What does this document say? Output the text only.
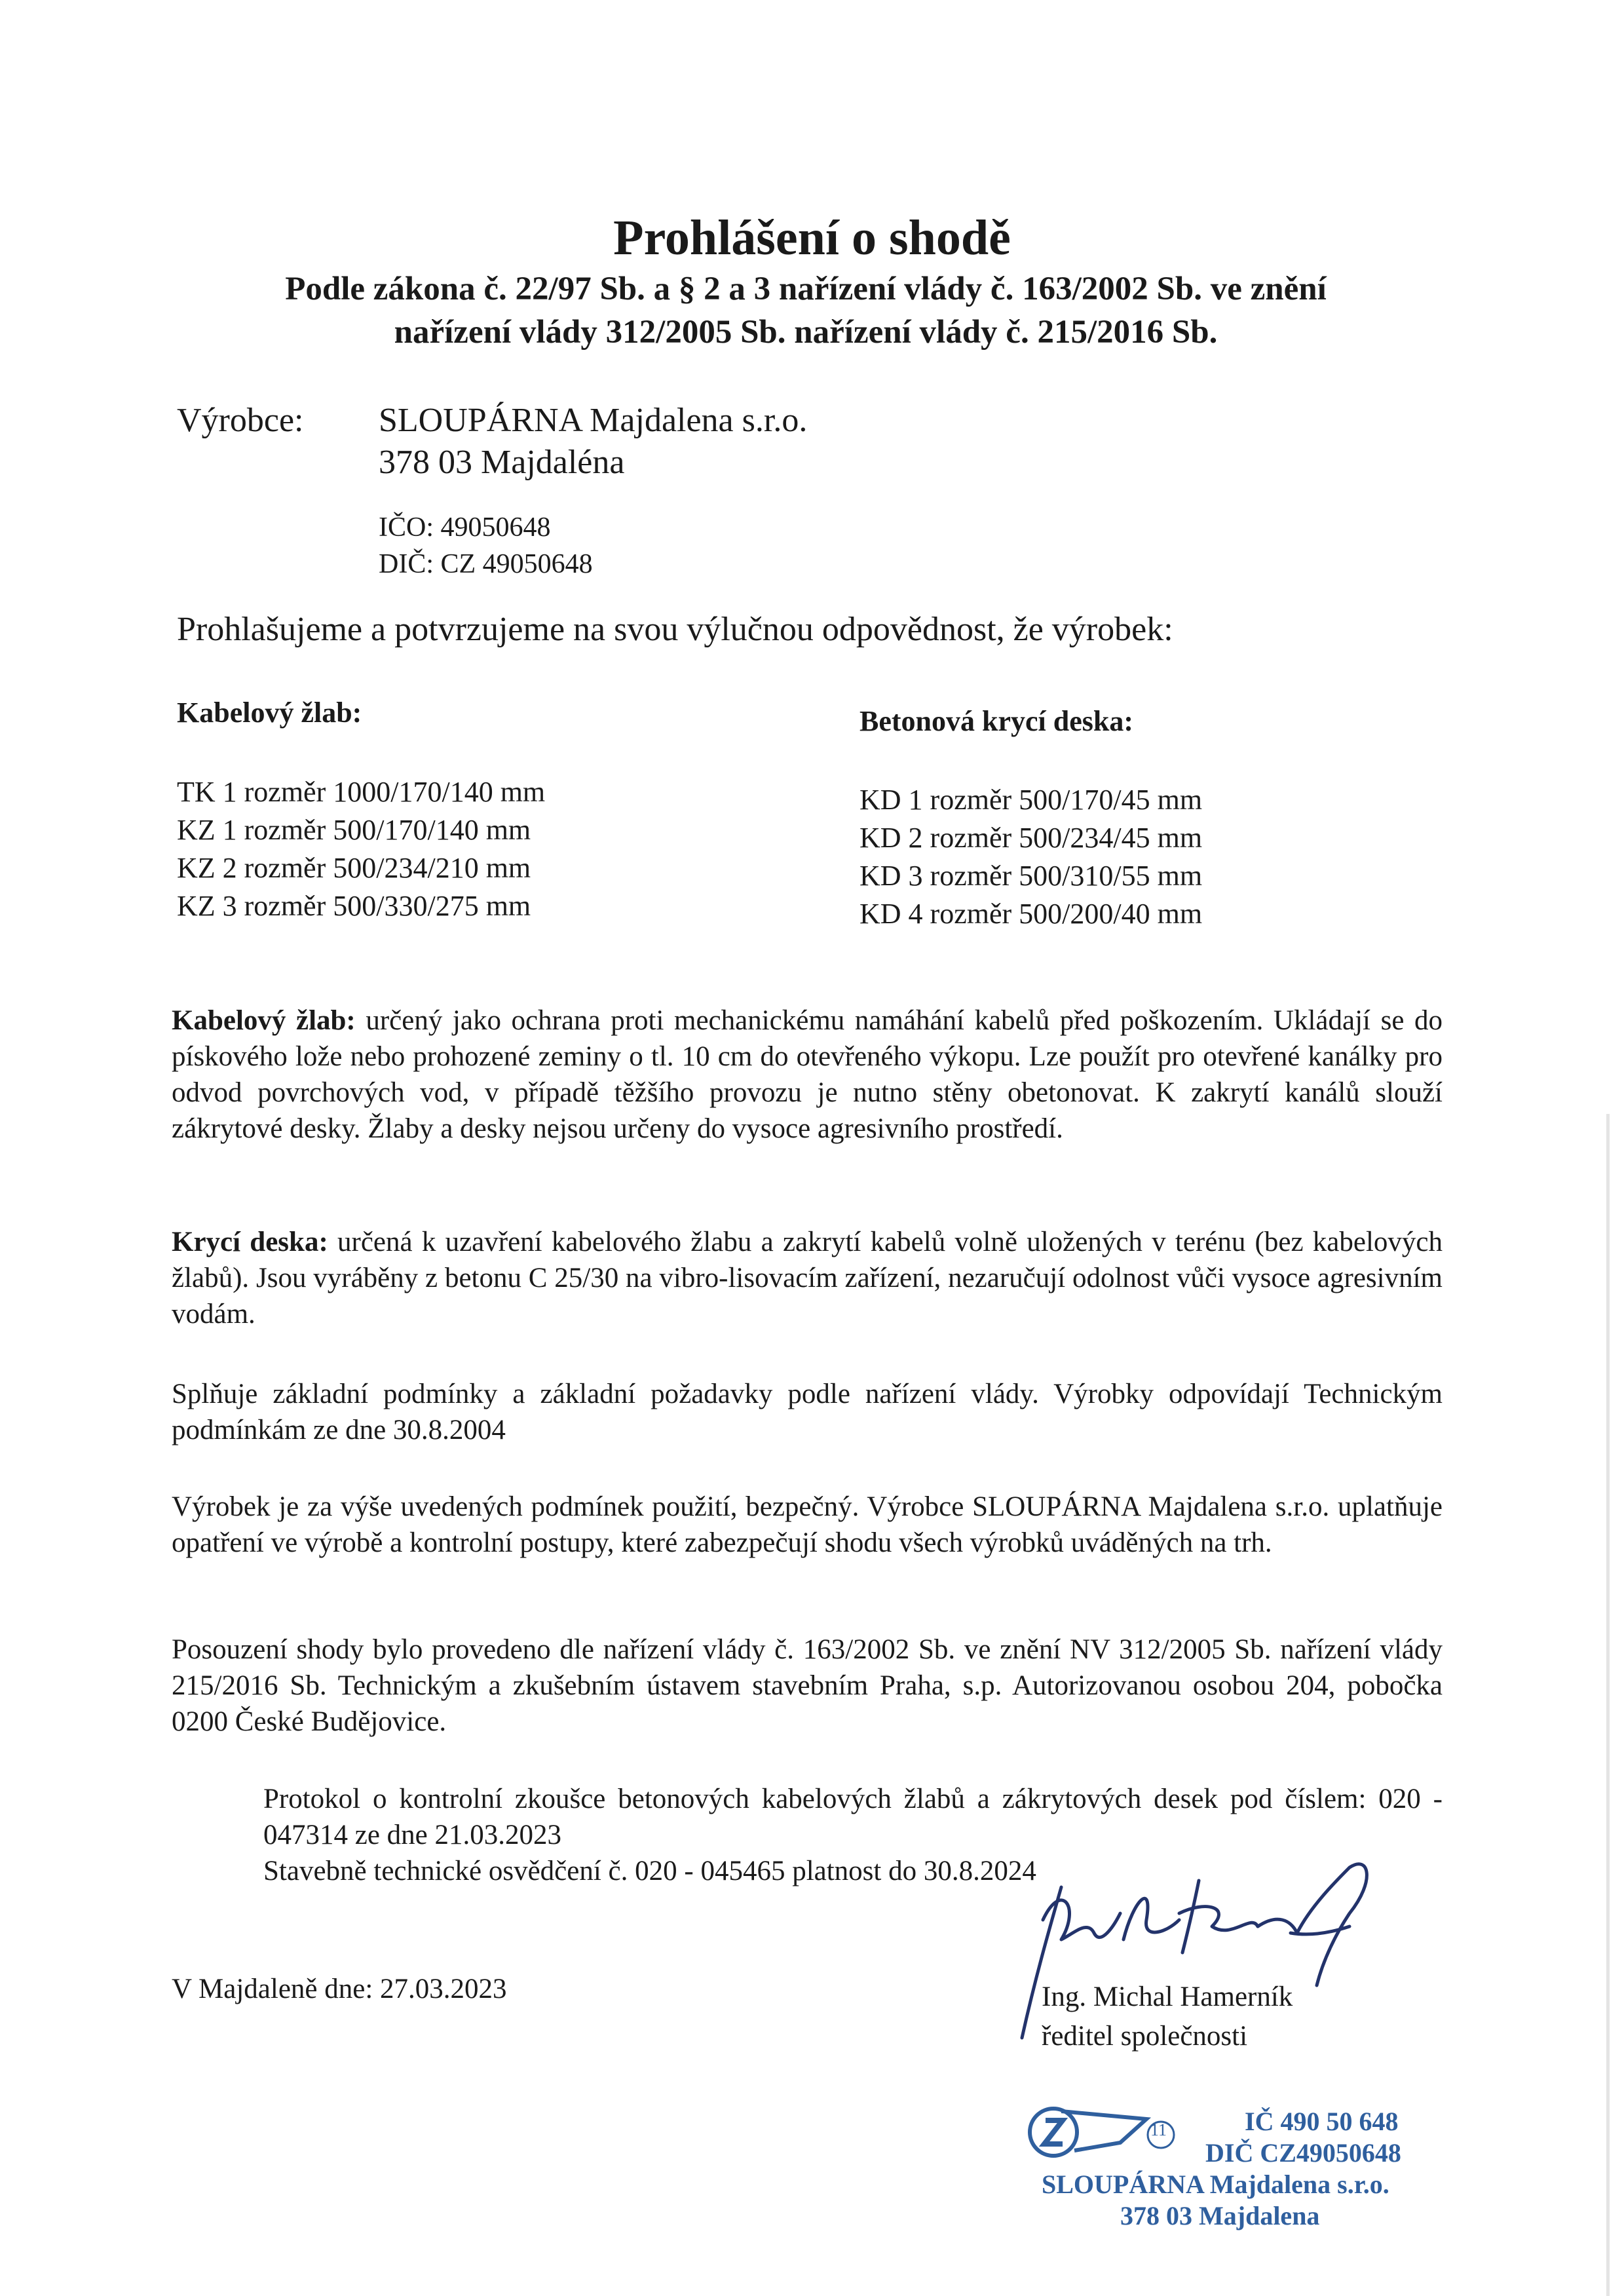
Prohlášení o shodě
Podle zákona č. 22/97 Sb. a § 2 a 3 nařízení vlády č. 163/2002 Sb. ve znění
nařízení vlády 312/2005 Sb. nařízení vlády č. 215/2016 Sb.
Výrobce: SLOUPÁRNA Majdalena s.r.o.
378 03 Majdaléna
IČO: 49050648
DIČ: CZ 49050648
Prohlašujeme a potvrzujeme na svou výlučnou odpovědnost, že výrobek:
Kabelový žlab:
TK 1 rozměr 1000/170/140 mm
KZ 1 rozměr 500/170/140 mm
KZ 2 rozměr 500/234/210 mm
KZ 3 rozměr 500/330/275 mm
Betonová krycí deska:
KD 1 rozměr 500/170/45 mm
KD 2 rozměr 500/234/45 mm
KD 3 rozměr 500/310/55 mm
KD 4 rozměr 500/200/40 mm

Kabelový žlab: určený jako ochrana proti mechanickému namáhání kabelů před poškozením. Ukládají se do pískového lože nebo prohozené zeminy o tl. 10 cm do otevřeného výkopu. Lze použít pro otevřené kanálky pro odvod povrchových vod, v případě těžšího provozu je nutno stěny obetonovat. K zakrytí kanálů slouží zákrytové desky. Žlaby a desky nejsou určeny do vysoce agresivního prostředí.

Krycí deska: určená k uzavření kabelového žlabu a zakrytí kabelů volně uložených v terénu (bez kabelových žlabů). Jsou vyráběny z betonu C 25/30 na vibro-lisovacím zařízení, nezaručují odolnost vůči vysoce agresivním vodám.

Splňuje základní podmínky a základní požadavky podle nařízení vlády. Výrobky odpovídají Technickým podmínkám ze dne 30.8.2004

Výrobek je za výše uvedených podmínek použití, bezpečný. Výrobce SLOUPÁRNA Majdalena s.r.o. uplatňuje opatření ve výrobě a kontrolní postupy, které zabezpečují shodu všech výrobků uváděných na trh.

Posouzení shody bylo provedeno dle nařízení vlády č. 163/2002 Sb. ve znění NV 312/2005 Sb. nařízení vlády 215/2016 Sb. Technickým a zkušebním ústavem stavebním Praha, s.p. Autorizovanou osobou 204, pobočka 0200 České Budějovice.

Protokol o kontrolní zkoušce betonových kabelových žlabů a zákrytových desek pod číslem: 020 - 047314 ze dne 21.03.2023
Stavebně technické osvědčení č. 020 - 045465 platnost do 30.8.2024

V Majdaleně dne: 27.03.2023	Ing. Michal Hamerník
ředitel společnosti
11	IČ 490 50 648
DIČ CZ49050648
SLOUPÁRNA Majdalena s.r.o.
378 03 Majdalena
